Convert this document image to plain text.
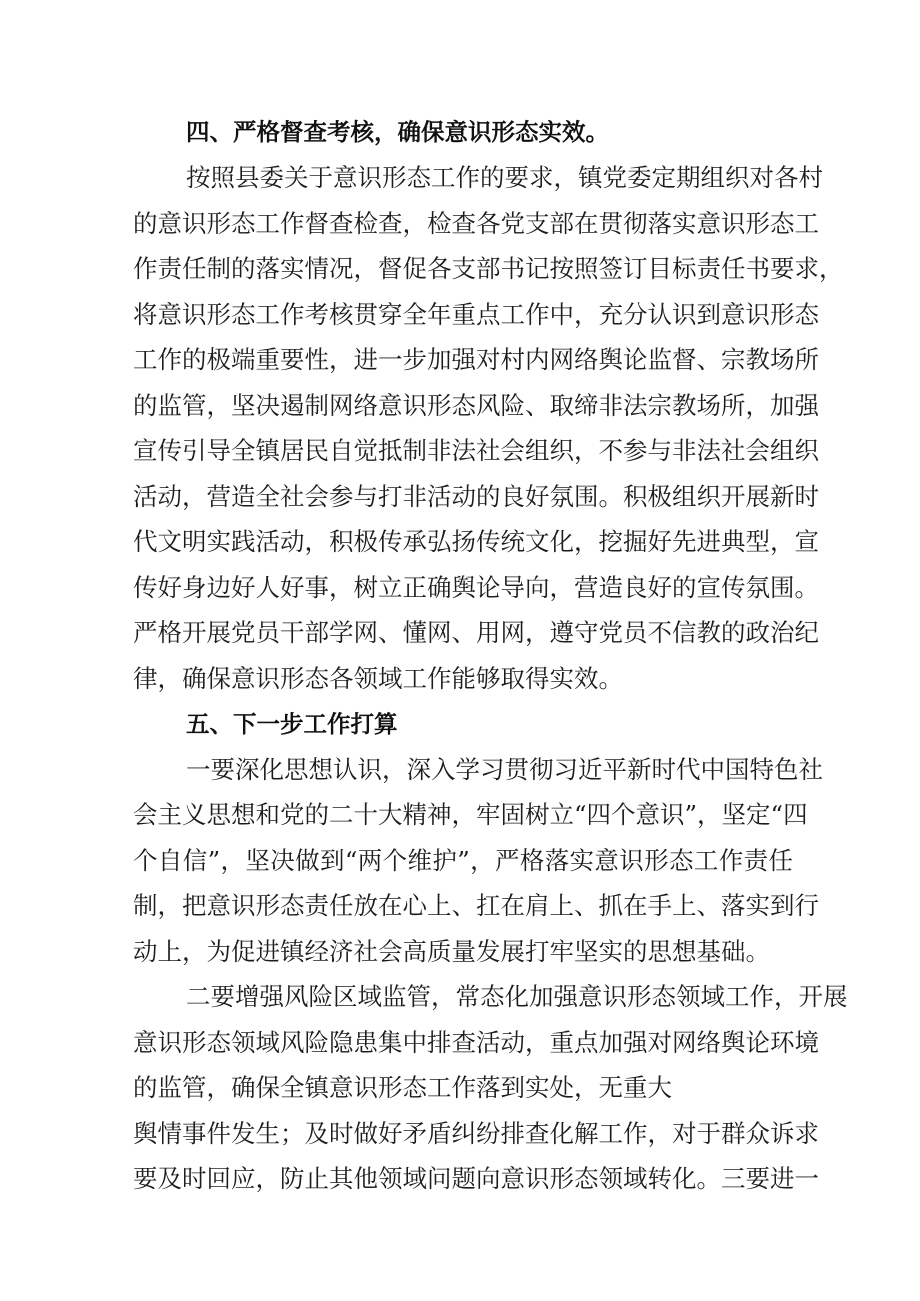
四、严格督查考核，确保意识形态实效。
按照县委关于意识形态工作的要求，镇党委定期组织对各村
的意识形态工作督查检查，检查各党支部在贯彻落实意识形态工
作责任制的落实情况，督促各支部书记按照签订目标责任书要求，
将意识形态工作考核贯穿全年重点工作中，充分认识到意识形态
工作的极端重要性，进一步加强对村内网络舆论监督、宗教场所
的监管，坚决遏制网络意识形态风险、取缔非法宗教场所，加强
宣传引导全镇居民自觉抵制非法社会组织，不参与非法社会组织
活动，营造全社会参与打非活动的良好氛围。积极组织开展新时
代文明实践活动，积极传承弘扬传统文化，挖掘好先进典型，宣
传好身边好人好事，树立正确舆论导向，营造良好的宣传氛围。
严格开展党员干部学网、懂网、用网，遵守党员不信教的政治纪
律，确保意识形态各领域工作能够取得实效。
五、下一步工作打算
一要深化思想认识，深入学习贯彻习近平新时代中国特色社
会主义思想和党的二十大精神，牢固树立“四个意识”，坚定“四
个自信”，坚决做到“两个维护”，严格落实意识形态工作责任
制，把意识形态责任放在心上、扛在肩上、抓在手上、落实到行
动上，为促进镇经济社会高质量发展打牢坚实的思想基础。
二要增强风险区域监管，常态化加强意识形态领域工作，开展
意识形态领域风险隐患集中排查活动，重点加强对网络舆论环境
的监管，确保全镇意识形态工作落到实处，无重大
舆情事件发生；及时做好矛盾纠纷排查化解工作，对于群众诉求
要及时回应，防止其他领域问题向意识形态领域转化。三要进一
